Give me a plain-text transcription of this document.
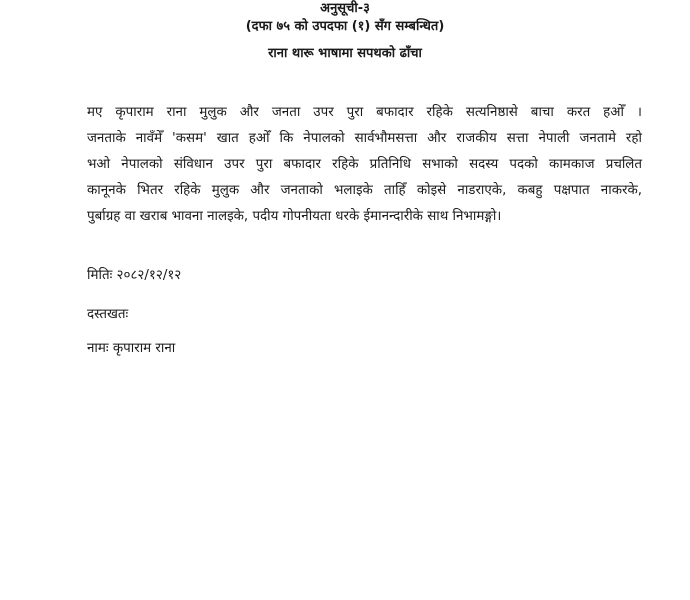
अनुसूची-३
(दफा ७५ को उपदफा (१) सँग सम्बन्धित)
राना थारू भाषामा सपथको ढाँचा
मए कृपाराम राना मुलुक और जनता उपर पुरा बफादार रहिके सत्यनिष्ठासे बाचा करत हओँ ।
जनताके नावँमेँ 'कसम' खात हओँ कि नेपालको सार्वभौमसत्ता और राजकीय सत्ता नेपाली जनतामे रहो
भओ नेपालको संविधान उपर पुरा बफादार रहिके प्रतिनिधि सभाको सदस्य पदको कामकाज प्रचलित
कानूनके भितर रहिके मुलुक और जनताको भलाइके ताहिँ कोइसे नाडराएके, कबहु पक्षपात नाकरके,
पुर्बाग्रह वा खराब भावना नालइके, पदीय गोपनीयता धरके ईमानन्दारीके साथ निभामङ्गो।
मितिः २०८२/१२/१२
दस्तखतः
नामः कृपाराम राना
